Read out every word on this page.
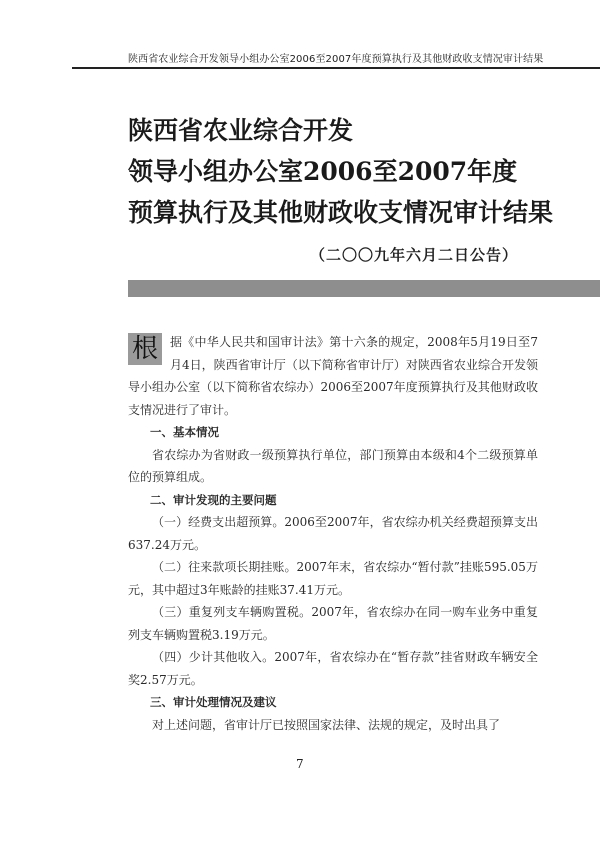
陕西省农业综合开发领导小组办公室2006至2007年度预算执行及其他财政收支情况审计结果
陕西省农业综合开发
领导小组办公室2006至2007年度
预算执行及其他财政收支情况审计结果
（二〇〇九年六月二日公告）
根	据《中华人民共和国审计法》第十六条的规定，2008年5月19日至7月4日，陕西省审计厅（以下简称省审计厅）对陕西省农业综合开发领导小组办公室（以下简称省农综办）2006至2007年度预算执行及其他财政收支情况进行了审计。

一、基本情况

省农综办为省财政一级预算执行单位，部门预算由本级和4个二级预算单位的预算组成。

二、审计发现的主要问题

（一）经费支出超预算。2006至2007年，省农综办机关经费超预算支出637.24万元。

（二）往来款项长期挂账。2007年末，省农综办“暂付款”挂账595.05万元，其中超过3年账龄的挂账37.41万元。

（三）重复列支车辆购置税。2007年，省农综办在同一购车业务中重复列支车辆购置税3.19万元。

（四）少计其他收入。2007年，省农综办在“暂存款”挂省财政车辆安全奖2.57万元。

三、审计处理情况及建议

对上述问题，省审计厅已按照国家法律、法规的规定，及时出具了

7
